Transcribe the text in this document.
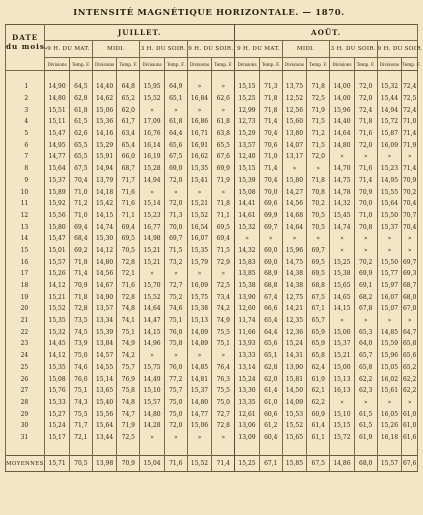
INTENSITÉ MAGNÉTIQUE HORIZONTALE. — 1870.
DATE
du mois.	JUILLET.								AOÛT.							
	9 H. DU MAT.		MIDI.		3 H. DU SOIR.		9 H. DU SOIR.		9 H. DU MAT.		MIDI.		3 H. DU SOIR.		9 H. DU SOIR.	
	Divisions	Temp. F.	Divisions	Temp. F.	Divisions	Temp. F.	Divisions	Temp. F.	Divisions	Temp. F.	Divisions	Temp. F.	Divisions	Temp. F.	Divisions	Temp. F.

1	14,90	64,5	14,40	64,8	15,95	64,9	»	»	15,15	71,3	13,75	71,8	14,00	72,0	15,32	72,4
2	14,80	62,8	14,62	65,2	15,52	65,1	16,84	62,6	15,25	71,8	12,52	72,5	14,00	72,0	15,44	72,5
3	15,51	61,8	15,06	62,0	»	»	»	»	12,99	71,8	12,56	71,9	15,96	72,4	14,94	72,4
4	15,11	61,5	15,36	61,7	17,09	61,8	16,86	61,8	12,73	71,4	15,60	71,5	14,40	71,8	15,72	71,0
5	15,47	62,6	14,16	63,4	16,76	64,4	16,71	63,8	15,29	70,4	13,80	71,2	14,64	71,6	15,87	71,4
6	14,95	65,5	15,29	65,4	16,14	65,6	16,91	65,5	13,57	70,6	14,07	71,5	14,80	72,0	16,09	71,9
7	14,77	65,5	15,91	66,0	16,19	67,5	16,62	67,6	12,40	71,0	13,17	72,0	»	»	»	»
8	15,64	67,5	14,94	68,7	15,28	69,0	15,35	69,9	15,15	71,4	»	»	14,70	71,6	15,23	71,4
9	15,37	70,4	13,79	71,7	14,94	72,0	15,41	71,9	15,39	70,4	15,80	71,8	14,75	71,4	14,95	70,9
10	15,89	71,0	14,18	71,6	»	»	»	»	15,08	70,0	14,27	70,8	14,78	70,9	15,55	70,2
11	15,92	71,2	15,42	71,6	15,14	72,0	15,21	71,8	14,41	69,6	14,56	70,2	14,32	70,0	15,64	70,4
12	15,56	71,0	14,15	71,1	15,23	71,3	15,52	71,1	14,61	69,9	14,68	70,5	15,45	71,0	15,50	70,7
13	15,80	69,4	14,74	69,4	16,77	70,0	16,54	69,5	15,32	69,7	14,64	70,5	14,74	70,8	15,37	70,4
14	15,47	68,4	15,30	69,5	14,98	69,7	16,07	69,4	»	»	»	»	»	»	»	»
15	15,01	69,2	14,12	70,5	15,21	71,5	15,35	71,5	14,32	69,0	15,96	69,7	»	»	»	»
16	15,57	71,8	14,80	72,8	15,21	73,2	15,79	72,9	15,83	69,0	14,75	69,5	15,25	70,2	15,50	69,7
17	15,26	71,4	14,56	72,1	»	»	»	»	13,85	68,9	14,38	69,5	15,38	69,9	15,77	69,3
18	14,12	70,9	14,67	71,6	15,70	72,7	16,09	72,5	15,38	68,8	14,38	68,8	15,65	69,1	15,97	68,7
19	15,21	71,8	14,90	72,8	15,52	75,2	15,75	73,4	13,90	67,4	12,75	67,5	14,65	68,2	16,07	68,0
20	15,52	72,8	13,57	74,8	14,64	74,6	15,38	74,2	12,60	66,6	14,21	67,1	14,15	67,8	15,07	67,0
21	15,35	73,5	13,34	74,1	14,47	75,1	15,13	74,9	11,74	65,4	12,35	65,7	»	»	»	»
22	15,32	74,5	15,39	75,1	14,15	76,0	14,09	75,5	11,66	64,4	12,36	65,9	15,00	65,3	14,85	64,7
23	14,45	73,9	13,84	74,9	14,96	75,8	14,89	75,1	13,93	65,6	15,24	65,9	15,37	64,0	15,59	65,8
24	14,12	75,0	14,57	74,2	»	»	»	»	13,33	65,1	14,31	65,8	15,21	65,7	15,96	65,6
25	15,35	74,6	14,55	75,7	15,75	76,0	14,85	76,4	13,14	62,8	13,90	62,4	15,00	65,8	15,05	65,2
26	15,08	76,0	15,14	76,9	14,49	77,2	14,81	76,3	15,24	62,0	15,81	61,9	15,13	62,2	16,02	62,2
27	15,76	75,1	13,65	75,8	15,10	75,7	15,37	75,5	13,30	61,4	14,50	62,1	16,13	62,3	15,61	62,2
28	15,33	74,3	15,40	74,8	15,57	75,0	14,80	75,0	13,35	61,0	14,09	62,2	»	»	»	»
29	15,27	75,5	15,56	74,7	14,80	75,0	14,77	72,7	12,61	60,6	15,53	60,9	15,10	61,5	16,05	61,0
30	15,24	71,7	15,64	71,9	14,28	72,0	15,06	72,8	13,06	61,2	15,52	61,4	15,15	61,5	15,26	61,0
31	15,17	72,1	13,44	72,5	»	»	»	»	13,09	60,4	15,65	61,1	15,72	61,9	16,18	61,6

MOYENNES.	15,71	70,5	13,98	70,9	15,04	71,6	15,52	71,4	15,25	67,1	15,85	67,5	14,86	68,0	15,57	67,6
